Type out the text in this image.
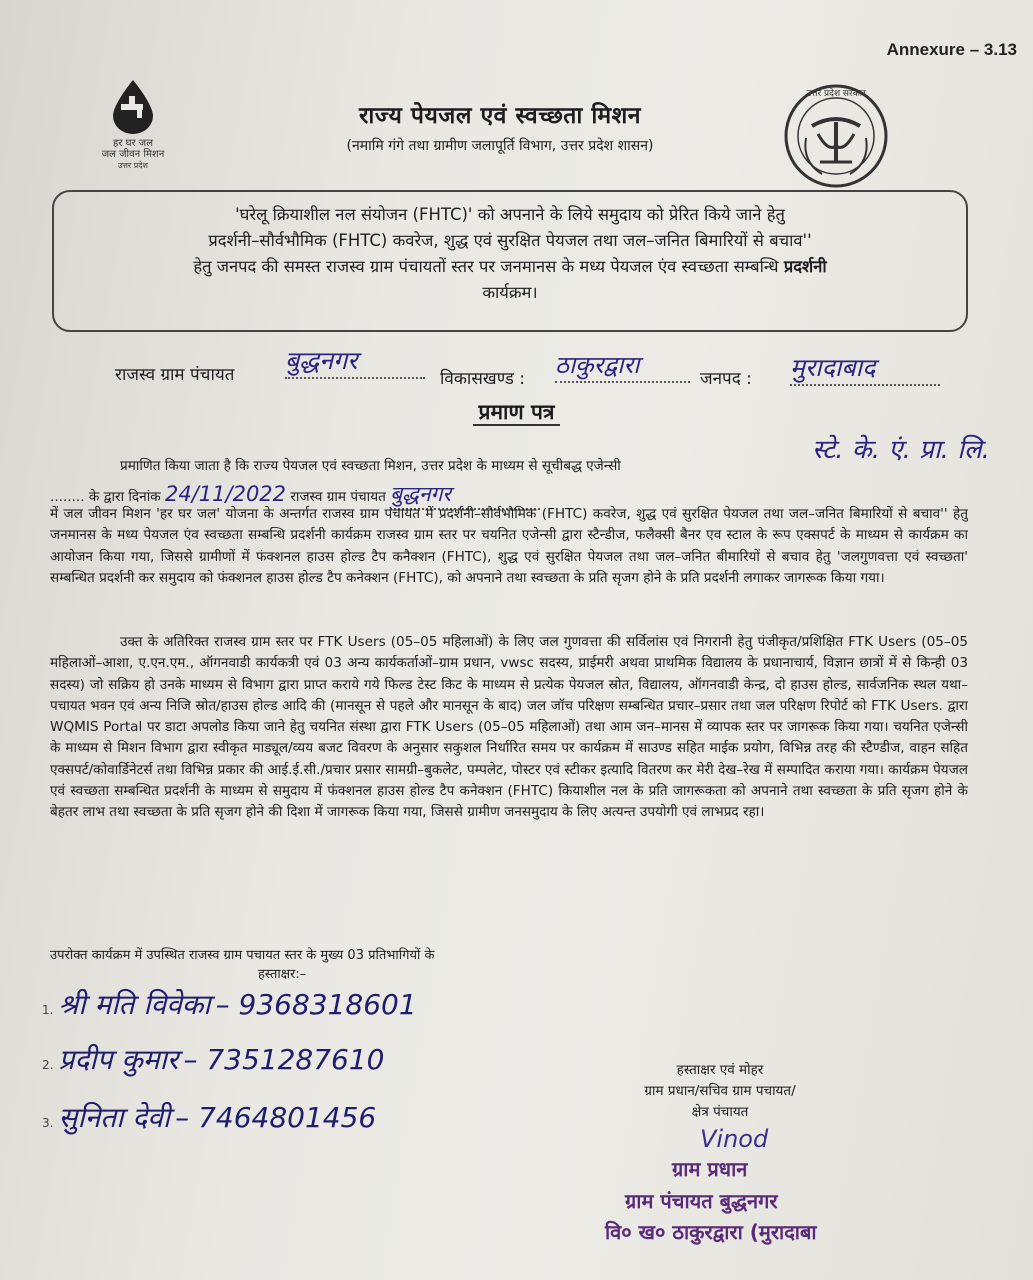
Annexure – 3.13
हर घर जल
जल जीवन मिशन
उत्तर प्रदेश
उत्तर प्रदेश सरकार
राज्य पेयजल एवं स्वच्छता मिशन
(नमामि गंगे तथा ग्रामीण जलापूर्ति विभाग, उत्तर प्रदेश शासन)
'घरेलू क्रियाशील नल संयोजन (FHTC)' को अपनाने के लिये समुदाय को प्रेरित किये जाने हेतु
प्रदर्शनी–सौर्वभौमिक (FHTC) कवरेज, शुद्ध एवं सुरक्षित पेयजल तथा जल–जनित बिमारियों से बचाव''
हेतु जनपद की समस्त राजस्व ग्राम पंचायतों स्तर पर जनमानस के मध्य पेयजल एंव स्वच्छता सम्बन्धि प्रदर्शनी
कार्यक्रम।
राजस्व ग्राम पंचायत बुद्धनगर
विकासखण्ड : ठाकुरद्वारा	जनपद : मुरादाबाद
प्रमाण पत्र

प्रमाणित किया जाता है कि राज्य पेयजल एवं स्वच्छता मिशन, उत्तर प्रदेश के माध्यम से सूचीबद्ध एजेन्सी

स्टे. के. एं. प्रा. लि.
........ के द्वारा दिनांक 24/11/2022 राजस्व ग्राम पंचायत बुद्धनगर

में जल जीवन मिशन 'हर घर जल' योजना के अन्तर्गत राजस्व ग्राम पंचायत में प्रदर्शनी–सौर्वभौमिक (FHTC) कवरेज, शुद्ध एवं सुरक्षित पेयजल तथा जल–जनित बिमारियों से बचाव'' हेतु जनमानस के मध्य पेयजल एंव स्वच्छता सम्बन्धि प्रदर्शनी कार्यक्रम राजस्व ग्राम स्तर पर चयनित एजेन्सी द्वारा स्टैन्डीज, फलैक्सी बैनर एव स्टाल के रूप एक्सपर्ट के माध्यम से कार्यक्रम का आयोजन किया गया, जिससे ग्रामीणों में फंक्शनल हाउस होल्ड टैप कनैक्शन (FHTC), शुद्ध एवं सुरक्षित पेयजल तथा जल–जनित बीमारियों से बचाव हेतु 'जलगुणवत्ता एवं स्वच्छता' सम्बन्धित प्रदर्शनी कर समुदाय को फंक्शनल हाउस होल्ड टैप कनेक्शन (FHTC), को अपनाने तथा स्वच्छता के प्रति सृजग होने के प्रति प्रदर्शनी लगाकर जागरूक किया गया।

उक्त के अतिरिक्त राजस्व ग्राम स्तर पर FTK Users (05–05 महिलाओं) के लिए जल गुणवत्ता की सर्विलांस एवं निगरानी हेतु पंजीकृत/प्रशिक्षित FTK Users (05–05 महिलाओं–आशा, ए.एन.एम., ऑगनवाडी कार्यकत्री एवं 03 अन्य कार्यकर्ताओं–ग्राम प्रधान, vwsc सदस्य, प्राईमरी अथवा प्राथमिक विद्यालय के प्रधानाचार्य, विज्ञान छात्रों में से किन्ही 03 सदस्य) जो सक्रिय हो उनके माध्यम से विभाग द्वारा प्राप्त कराये गये फिल्ड टेस्ट किट के माध्यम से प्रत्येक पेयजल स्रोत, विद्यालय, ऑगनवाडी केन्द्र, दो हाउस होल्ड, सार्वजनिक स्थल यथा–पचायत भवन एवं अन्य निजि स्रोत/हाउस होल्ड आदि की (मानसून से पहले और मानसून के बाद) जल जॉच परिक्षण सम्बन्धित प्रचार–प्रसार तथा जल परिक्षण रिपोर्ट को FTK Users. द्वारा WQMIS Portal पर डाटा अपलोड किया जाने हेतु चयनित संस्था द्वारा FTK Users (05–05 महिलाओं) तथा आम जन–मानस में व्यापक स्तर पर जागरूक किया गया। चयनित एजेन्सी के माध्यम से मिशन विभाग द्वारा स्वीकृत माड्यूल/व्यय बजट विवरण के अनुसार सकुशल निर्धारित समय पर कार्यक्रम में साउण्ड सहित माईक प्रयोग, विभिन्न तरह की स्टैण्डीज, वाहन सहित एक्सपर्ट/कोवार्डिनेटर्स तथा विभिन्न प्रकार की आई.ई.सी./प्रचार प्रसार सामग्री–बुकलेट, पम्पलेट, पोस्टर एवं स्टीकर इत्यादि वितरण कर मेरी देख–रेख में सम्पादित कराया गया। कार्यक्रम पेयजल एवं स्वच्छता सम्बन्धित प्रदर्शनी के माध्यम से समुदाय में फंक्शनल हाउस होल्ड टैप कनेक्शन (FHTC) कियाशील नल के प्रति जागरूकता को अपनाने तथा स्वच्छता के प्रति सृजग होने के बेहतर लाभ तथा स्वच्छता के प्रति सृजग होने की दिशा में जागरूक किया गया, जिससे ग्रामीण जनसमुदाय के लिए अत्यन्त उपयोगी एवं लाभप्रद रहा।

उपरोक्त कार्यक्रम में उपस्थित राजस्व ग्राम पचायत स्तर के मुख्य 03 प्रतिभागियों के
हस्ताक्षर:–
1. श्री मति विवेका – 9368318601
2. प्रदीप कुमार – 7351287610
3. सुनिता देवी – 7464801456
हस्ताक्षर एवं मोहर
ग्राम प्रधान/सचिव ग्राम पचायत/
क्षेत्र पंचायत
Vinod
ग्राम प्रधान
ग्राम पंचायत बुद्धनगर
वि० ख० ठाकुरद्वारा (मुरादाबा
